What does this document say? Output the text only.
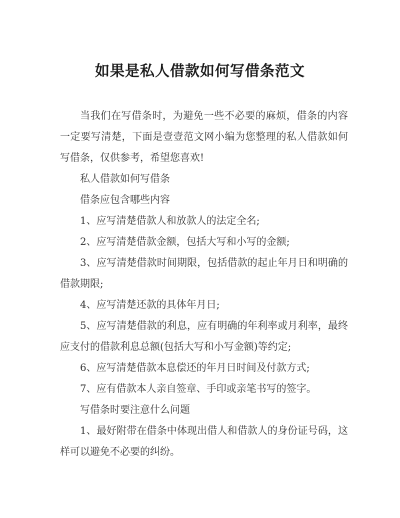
如果是私人借款如何写借条范文

当我们在写借条时，为避免一些不必要的麻烦，借条的内容一定要写清楚，下面是壹壹范文网小编为您整理的私人借款如何写借条，仅供参考，希望您喜欢!

私人借款如何写借条

借条应包含哪些内容

1、应写清楚借款人和放款人的法定全名;

2、应写清楚借款金额，包括大写和小写的金额;

3、应写清楚借款时间期限，包括借款的起止年月日和明确的借款期限;

4、应写清楚还款的具体年月日;

5、应写清楚借款的利息，应有明确的年利率或月利率，最终应支付的借款利息总额(包括大写和小写金额)等约定;

6、应写清楚借款本息偿还的年月日时间及付款方式;

7、应有借款本人亲自签章、手印或亲笔书写的签字。

写借条时要注意什么问题

1、最好附带在借条中体现出借人和借款人的身份证号码，这样可以避免不必要的纠纷。
